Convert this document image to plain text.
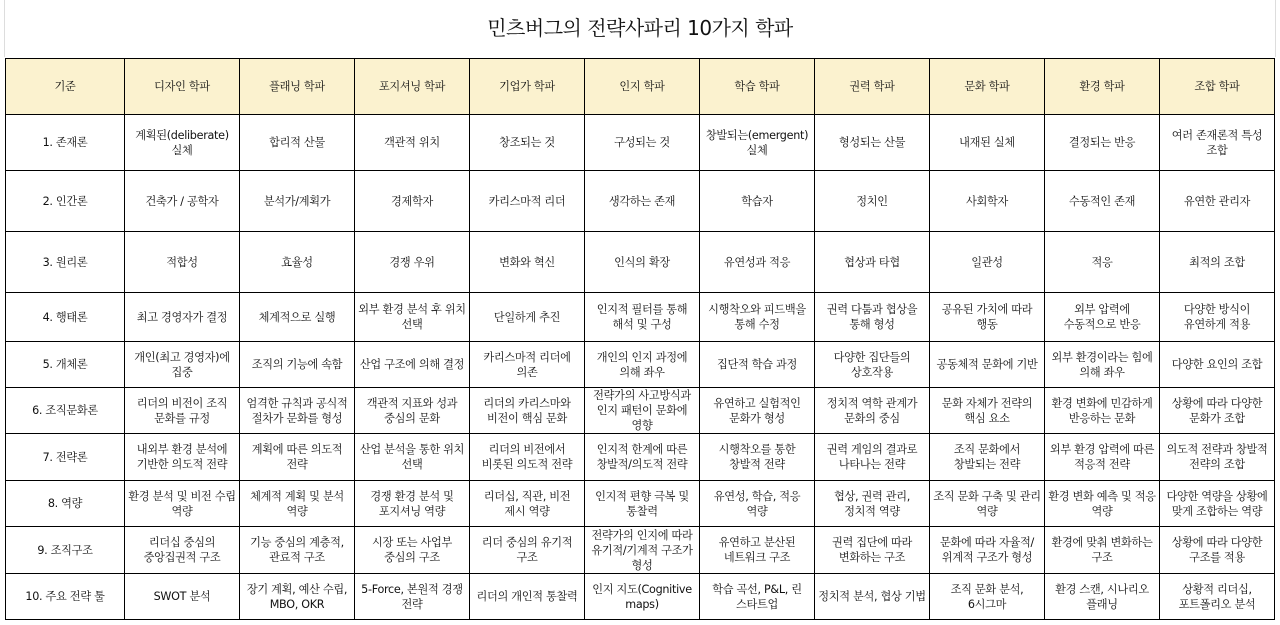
민츠버그의 전략사파리 10가지 학파
기준	디자인 학파	플래닝 학파	포지셔닝 학파	기업가 학파	인지 학파	학습 학파	권력 학파	문화 학파	환경 학파	조합 학파
1. 존재론	계획된(deliberate) 실체	합리적 산물	객관적 위치	창조되는 것	구성되는 것	창발되는(emergent) 실체	형성되는 산물	내재된 실체	결정되는 반응	여러 존재론적 특성 조합
2. 인간론	건축가 / 공학자	분석가/계획가	경제학자	카리스마적 리더	생각하는 존재	학습자	정치인	사회학자	수동적인 존재	유연한 관리자
3. 원리론	적합성	효율성	경쟁 우위	변화와 혁신	인식의 확장	유연성과 적응	협상과 타협	일관성	적응	최적의 조합
4. 행태론	최고 경영자가 결정	체계적으로 실행	외부 환경 분석 후 위치 선택	단일하게 추진	인지적 필터를 통해 해석 및 구성	시행착오와 피드백을 통해 수정	권력 다툼과 협상을 통해 형성	공유된 가치에 따라 행동	외부 압력에 수동적으로 반응	다양한 방식이 유연하게 적용
5. 개체론	개인(최고 경영자)에 집중	조직의 기능에 속함	산업 구조에 의해 결정	카리스마적 리더에 의존	개인의 인지 과정에 의해 좌우	집단적 학습 과정	다양한 집단들의 상호작용	공동체적 문화에 기반	외부 환경이라는 힘에 의해 좌우	다양한 요인의 조합
6. 조직문화론	리더의 비전이 조직 문화를 규정	엄격한 규칙과 공식적 절차가 문화를 형성	객관적 지표와 성과 중심의 문화	리더의 카리스마와 비전이 핵심 문화	전략가의 사고방식과 인지 패턴이 문화에 영향	유연하고 실험적인 문화가 형성	정치적 역학 관계가 문화의 중심	문화 자체가 전략의 핵심 요소	환경 변화에 민감하게 반응하는 문화	상황에 따라 다양한 문화가 조합
7. 전략론	내외부 환경 분석에 기반한 의도적 전략	계획에 따른 의도적 전략	산업 분석을 통한 위치 선택	리더의 비전에서 비롯된 의도적 전략	인지적 한계에 따른 창발적/의도적 전략	시행착오를 통한 창발적 전략	권력 게임의 결과로 나타나는 전략	조직 문화에서 창발되는 전략	외부 환경 압력에 따른 적응적 전략	의도적 전략과 창발적 전략의 조합
8. 역량	환경 분석 및 비전 수립 역량	체계적 계획 및 분석 역량	경쟁 환경 분석 및 포지셔닝 역량	리더십, 직관, 비전 제시 역량	인지적 편향 극복 및 통찰력	유연성, 학습, 적응 역량	협상, 권력 관리, 정치적 역량	조직 문화 구축 및 관리 역량	환경 변화 예측 및 적응 역량	다양한 역량을 상황에 맞게 조합하는 역량
9. 조직구조	리더십 중심의 중앙집권적 구조	기능 중심의 계층적, 관료적 구조	시장 또는 사업부 중심의 구조	리더 중심의 유기적 구조	전략가의 인지에 따라 유기적/기계적 구조가 형성	유연하고 분산된 네트워크 구조	권력 집단에 따라 변화하는 구조	문화에 따라 자율적/위계적 구조가 형성	환경에 맞춰 변화하는 구조	상황에 따라 다양한 구조를 적용
10. 주요 전략 툴	SWOT 분석	장기 계획, 예산 수립, MBO, OKR	5-Force, 본원적 경쟁 전략	리더의 개인적 통찰력	인지 지도(Cognitive maps)	학습 곡선, P&L, 린 스타트업	정치적 분석, 협상 기법	조직 문화 분석, 6시그마	환경 스캔, 시나리오 플래닝	상황적 리더십, 포트폴리오 분석
